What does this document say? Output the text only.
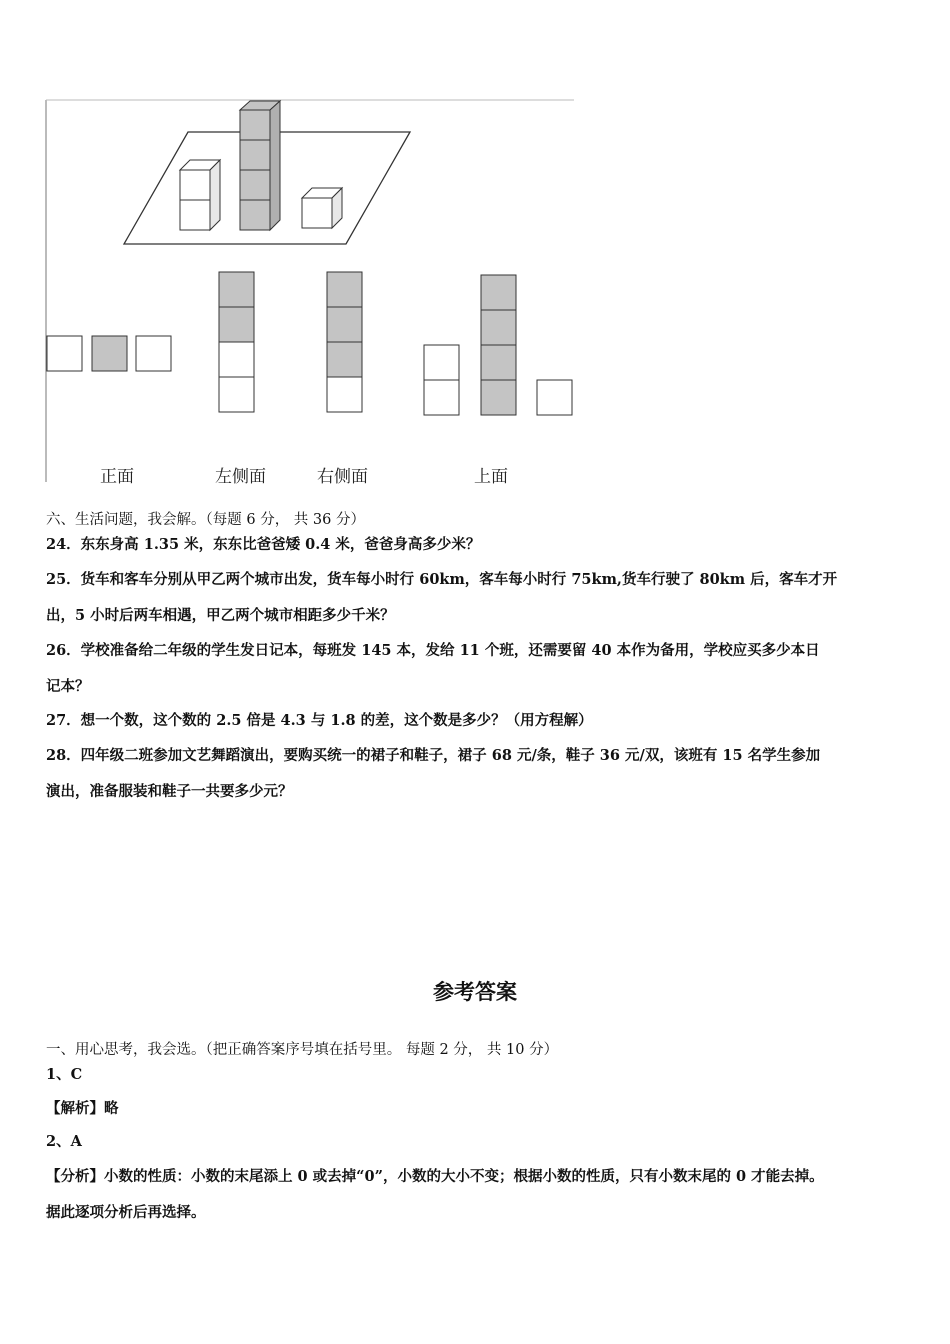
正面	左侧面	右侧面	上面
六、生活问题，我会解。（每题 6 分， 共 36 分）
24．东东身高 1.35 米，东东比爸爸矮 0.4 米，爸爸身高多少米？
25．货车和客车分别从甲乙两个城市出发，货车每小时行 60km，客车每小时行 75km,货车行驶了 80km 后，客车才开
出，5 小时后两车相遇，甲乙两个城市相距多少千米？
26．学校准备给二年级的学生发日记本，每班发 145 本，发给 11 个班，还需要留 40 本作为备用，学校应买多少本日
记本？
27．想一个数，这个数的 2.5 倍是 4.3 与 1.8 的差，这个数是多少？（用方程解）
28．四年级二班参加文艺舞蹈演出，要购买统一的裙子和鞋子，裙子 68 元/条，鞋子 36 元/双，该班有 15 名学生参加
演出，准备服装和鞋子一共要多少元？
参考答案
一、用心思考，我会选。（把正确答案序号填在括号里。 每题 2 分， 共 10 分）
1、C
【解析】略
2、A
【分析】小数的性质：小数的末尾添上 0 或去掉“0”，小数的大小不变；根据小数的性质，只有小数末尾的 0 才能去掉。
据此逐项分析后再选择。
